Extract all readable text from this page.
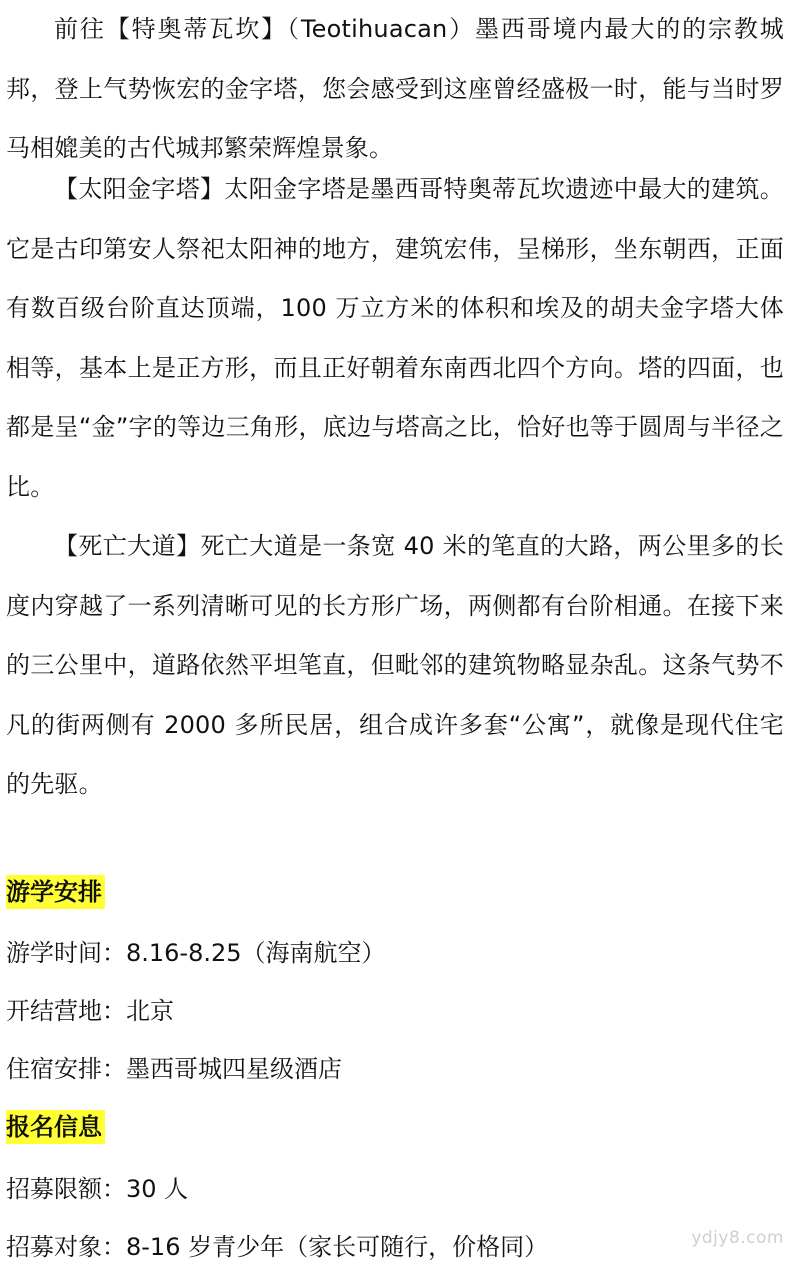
前往【特奥蒂瓦坎】（Teotihuacan）墨西哥境内最大的的宗教城邦，登上气势恢宏的金字塔，您会感受到这座曾经盛极一时，能与当时罗马相媲美的古代城邦繁荣辉煌景象。

【太阳金字塔】太阳金字塔是墨西哥特奥蒂瓦坎遗迹中最大的建筑。它是古印第安人祭祀太阳神的地方，建筑宏伟，呈梯形，坐东朝西，正面有数百级台阶直达顶端，100 万立方米的体积和埃及的胡夫金字塔大体相等，基本上是正方形，而且正好朝着东南西北四个方向。塔的四面，也都是呈“金”字的等边三角形，底边与塔高之比，恰好也等于圆周与半径之比。

【死亡大道】死亡大道是一条宽 40 米的笔直的大路，两公里多的长度内穿越了一系列清晰可见的长方形广场，两侧都有台阶相通。在接下来的三公里中，道路依然平坦笔直，但毗邻的建筑物略显杂乱。这条气势不凡的街两侧有 2000 多所民居，组合成许多套“公寓”，就像是现代住宅的先驱。

游学安排

游学时间：8.16-8.25（海南航空）

开结营地：北京

住宿安排：墨西哥城四星级酒店

报名信息

招募限额：30 人

招募对象：8-16 岁青少年（家长可随行，价格同）	ydjy8.com
